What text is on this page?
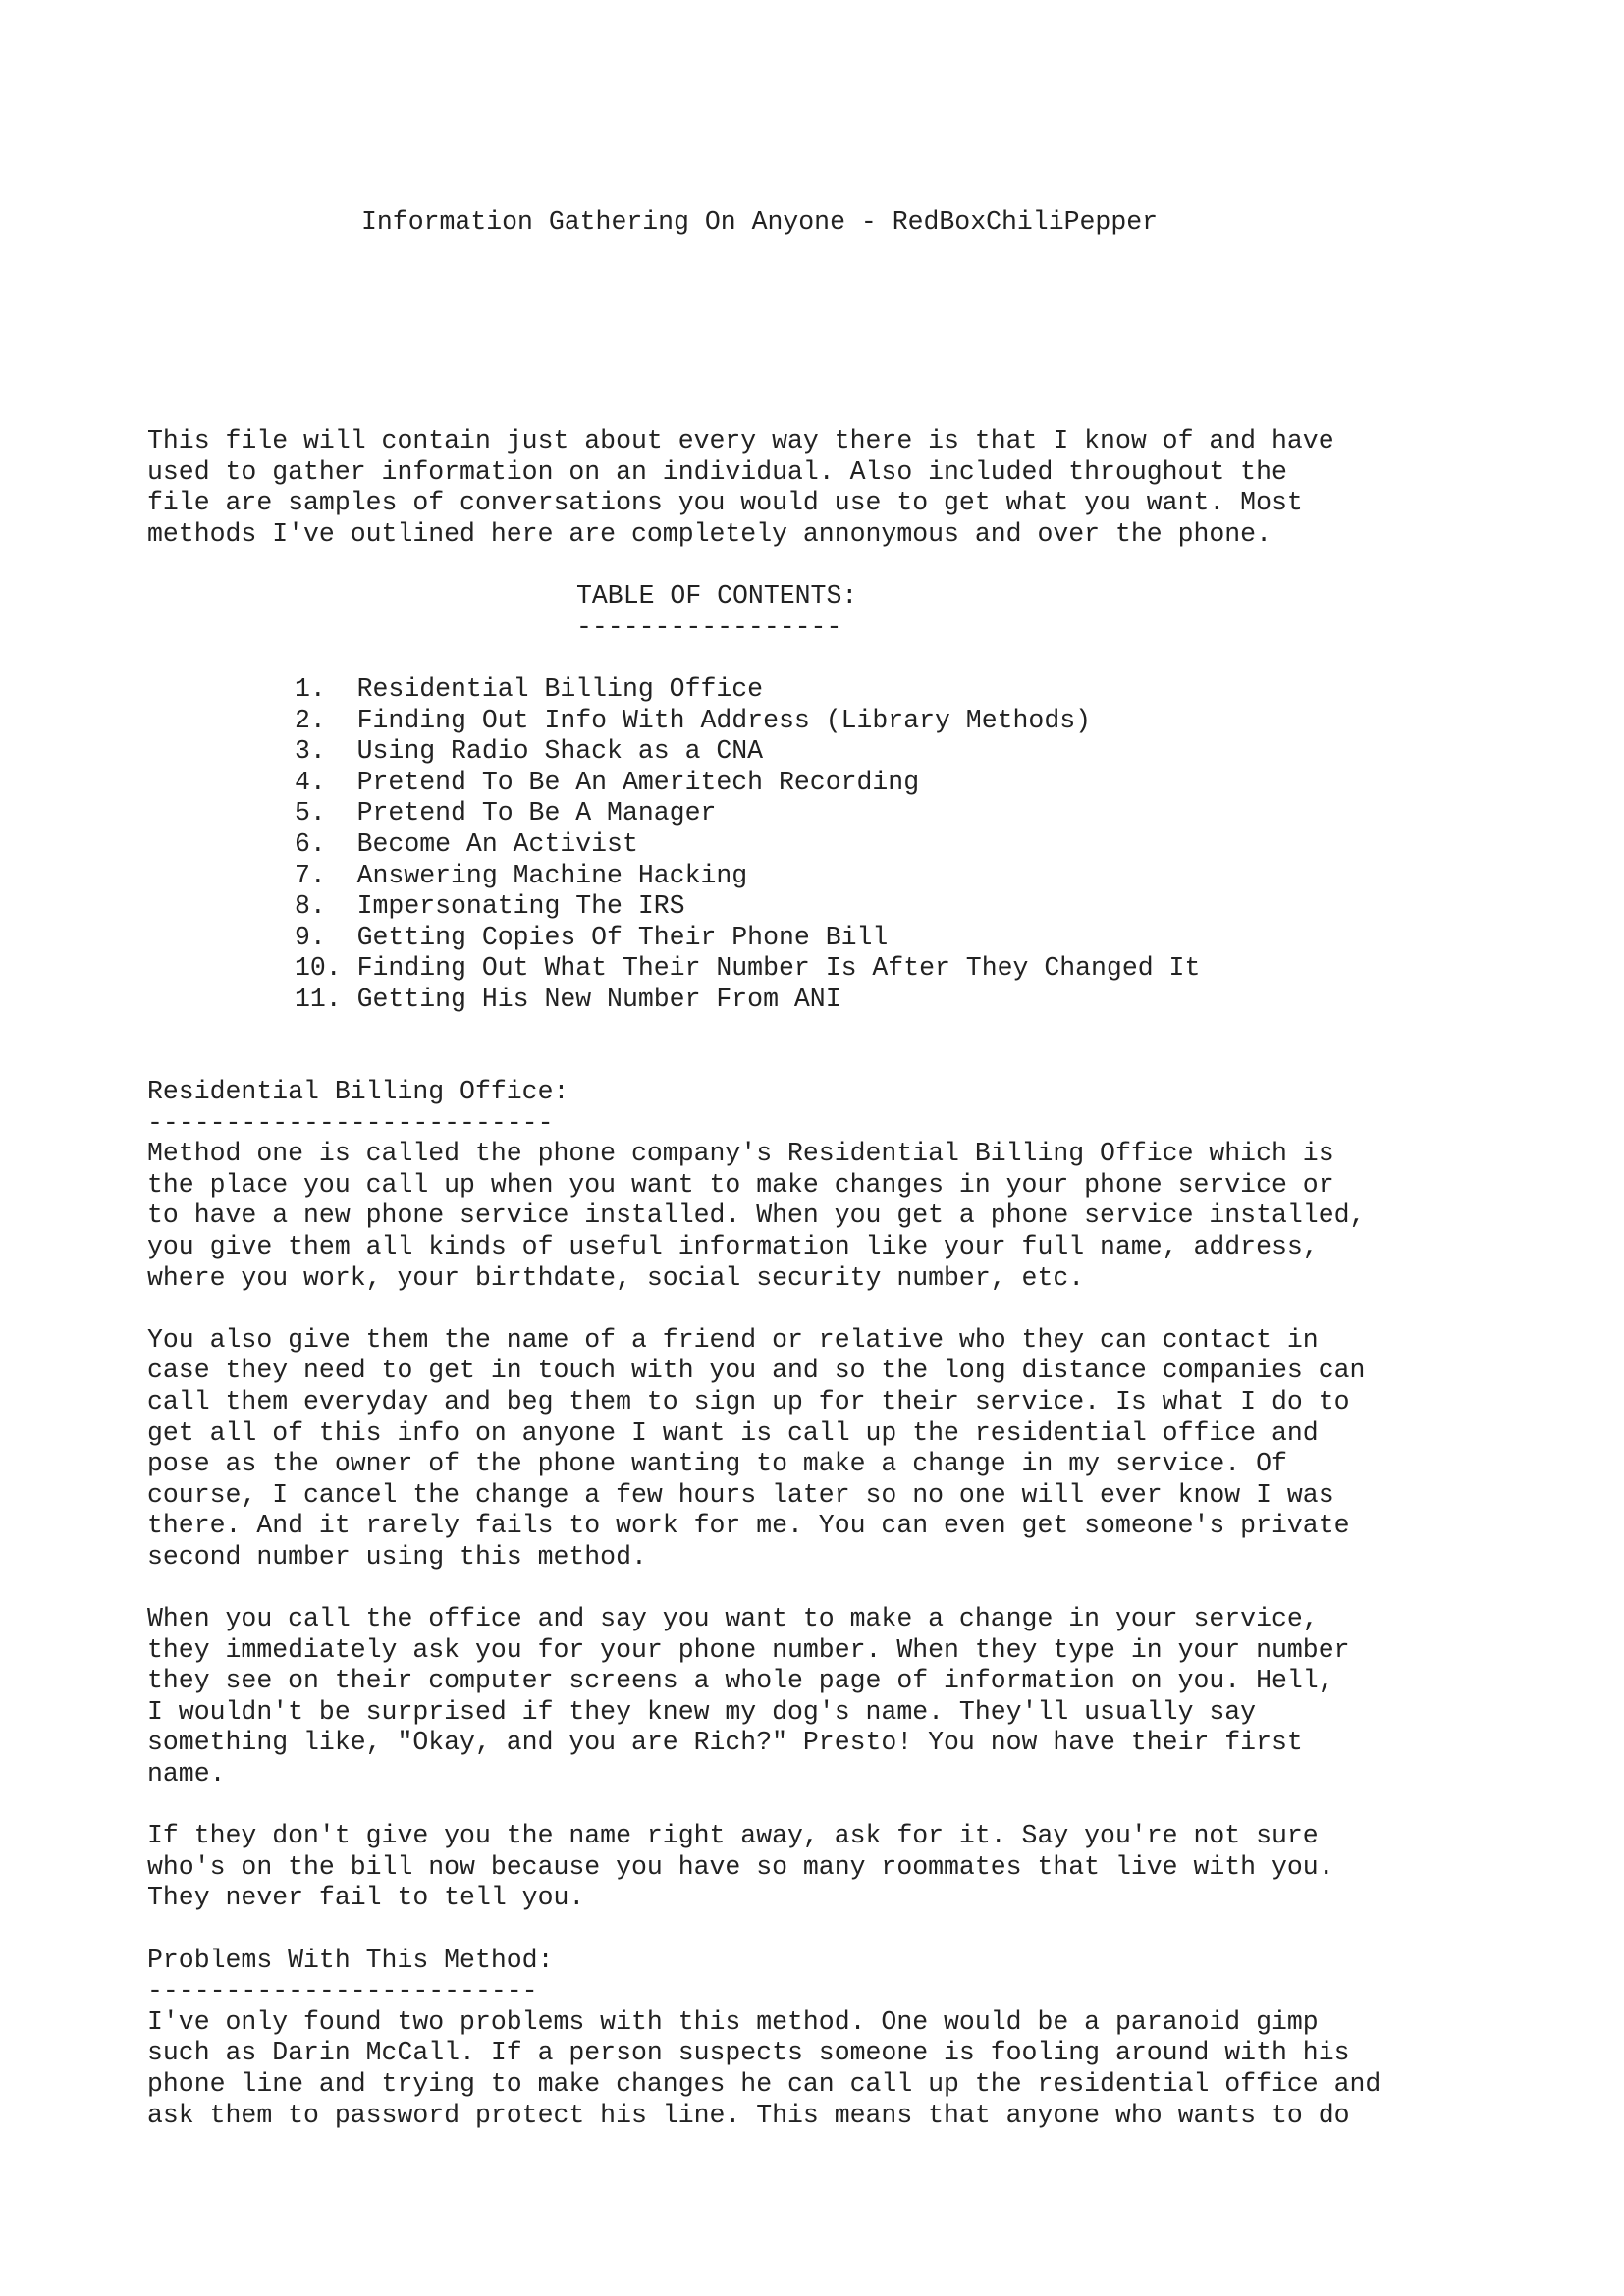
Information Gathering On Anyone - RedBoxChiliPepper
This file will contain just about every way there is that I know of and have
used to gather information on an individual. Also included throughout the
file are samples of conversations you would use to get what you want. Most
methods I've outlined here are completely annonymous and over the phone.
TABLE OF CONTENTS:
-----------------
1.  Residential Billing Office
2.  Finding Out Info With Address (Library Methods)
3.  Using Radio Shack as a CNA
4.  Pretend To Be An Ameritech Recording
5.  Pretend To Be A Manager
6.  Become An Activist
7.  Answering Machine Hacking
8.  Impersonating The IRS
9.  Getting Copies Of Their Phone Bill
10. Finding Out What Their Number Is After They Changed It
11. Getting His New Number From ANI
Residential Billing Office:
--------------------------
Method one is called the phone company's Residential Billing Office which is
the place you call up when you want to make changes in your phone service or
to have a new phone service installed. When you get a phone service installed,
you give them all kinds of useful information like your full name, address,
where you work, your birthdate, social security number, etc.
You also give them the name of a friend or relative who they can contact in
case they need to get in touch with you and so the long distance companies can
call them everyday and beg them to sign up for their service. Is what I do to
get all of this info on anyone I want is call up the residential office and
pose as the owner of the phone wanting to make a change in my service. Of
course, I cancel the change a few hours later so no one will ever know I was
there. And it rarely fails to work for me. You can even get someone's private
second number using this method.
When you call the office and say you want to make a change in your service,
they immediately ask you for your phone number. When they type in your number
they see on their computer screens a whole page of information on you. Hell,
I wouldn't be surprised if they knew my dog's name. They'll usually say
something like, "Okay, and you are Rich?" Presto! You now have their first
name.
If they don't give you the name right away, ask for it. Say you're not sure
who's on the bill now because you have so many roommates that live with you.
They never fail to tell you.
Problems With This Method:
-------------------------
I've only found two problems with this method. One would be a paranoid gimp
such as Darin McCall. If a person suspects someone is fooling around with his
phone line and trying to make changes he can call up the residential office and
ask them to password protect his line. This means that anyone who wants to do
